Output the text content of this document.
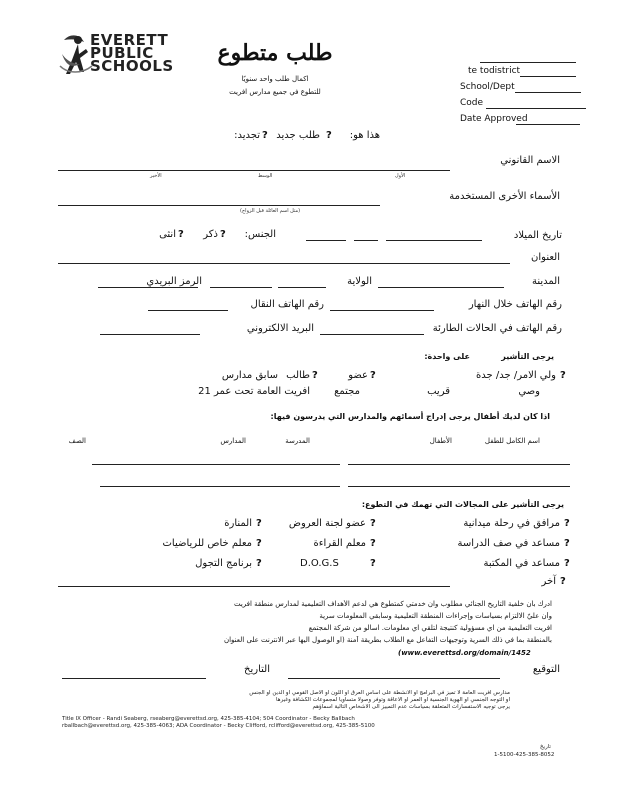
EVERETT
PUBLIC
SCHOOLS	طلب متطوع
اكمال طلب واحد سنويًا
للتطوع في جميع مدارس افريت
te todistrict
School/Dept
Code
Date Approved
هذا هو:
?
طلب جديد
?
تجديد:
الاسم القانوني
الأخير	الأول
الوسط
الأسماء الأخرى المستخدمة
(مثل اسم العائلة قبل الزواج)
تاريخ الميلاد
الجنس:
?
ذكر
?
انثى
العنوان
المدينة
الولاية
الرمز البريدي
رقم الهاتف خلال النهار
رقم الهاتف النقال
رقم الهاتف في الحالات الطارئة
البريد الالكتروني
يرجى التأشير
على واحدة:
?
ولي الامر/ جد/ جدة
?
عضو
?
طالب
سابق مدارس
وصي
قريب
مجتمع
افريت العامة تحت عمر 21
اذا كان لديك أطفال يرجى إدراج أسمائهم والمدارس التي يدرسون فيها:
اسم الكامل للطفل
الأطفال
المدرسة
المدارس
الصف
يرجى التأشير على المجالات التي تهمك في التطوع:
?
مرافق في رحلة ميدانية
?
عضو لجنة العروض
?
المنارة
?
مساعد في صف الدراسة
?
معلم القراءة
?
معلم خاص للرياضيات
?
مساعد في المكتبة
?
D.O.G.S
?
برنامج التجول
?
آخر
ادرك بأن خلفية التاريخ الجنائي مطلوب وان خدمتي كمتطوع هي لدعم الأهداف التعليمية لمدارس منطقة افريت
وأن عليّ الالتزام بسياسات وإجراءات المنطقة التعليمية وسأبقي المعلومات سرية
افريت التعليمية من اي مسؤولية كنتيجة لتلقي اي معلومات. اسالو من شركة المجتمع
بالمنطقة بما في ذلك السرية وتوجيهات التفاعل مع الطلاب بطريقة آمنة (او الوصول اليها عبر الانترنت على العنوان
(www.everettsd.org/domain/1452
التوقيع
التاريخ
مدارس افريت العامة لا تميز في البرامج او الانشطة على اساس العرق او اللون او الاصل القومي او الدين او الجنس
او التوجه الجنسي او الهوية الجنسية او العمر او الاعاقة وتوفر وصولا متساويا لمجموعات الكشافة وغيرها
يرجى توجيه الاستفسارات المتعلقة بسياسات عدم التمييز الى الاشخاص التالية اسماؤهم
Title IX Officer - Randi Seaberg, rseaberg@everettsd.org, 425-385-4104; 504 Coordinator - Becky Ballbach
rballbach@everettsd.org, 425-385-4063; ADA Coordinator - Becky Clifford, rclifford@everettsd.org, 425-385-5100
تاريخ
1-5100-425-385-8052
